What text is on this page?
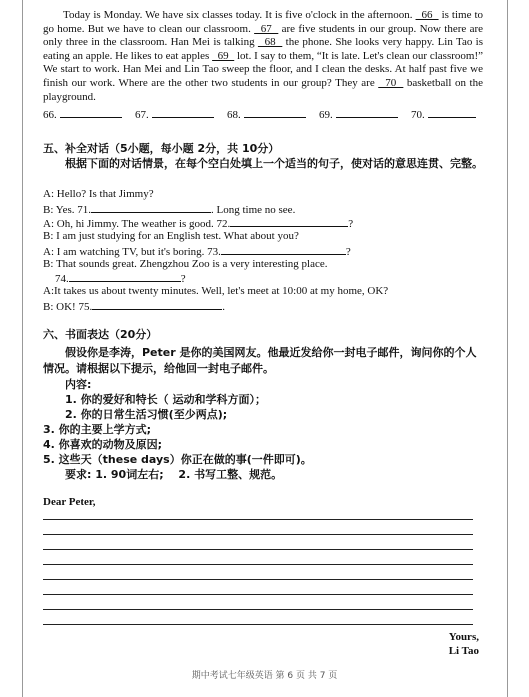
Today is Monday. We have six classes today. It is five o'clock in the afternoon.   66   is time to go home. But we have to clean our classroom.   67   are five students in our group. Now there are only three in the classroom. Han Mei is talking   68   the phone. She looks very happy. Lin Tao is eating an apple. He likes to eat apples   69   lot. I say to them, “It is late. Let's clean our classroom!” We start to work. Han Mei and Lin Tao sweep the floor, and I clean the desks. At half past five we finish our work. Where are the other two students in our group? They are   70   basketball on the playground.
66.	67.	68.	69.	70.
五、补全对话（5小题，每小题 2分，共 10分）
根据下面的对话情景，在每个空白处填上一个适当的句子，使对话的意思连贯、完整。
A: Hello? Is that Jimmy?
B: Yes. 71.	. Long time no see.
A: Oh, hi Jimmy. The weather is good. 72.	?
B: I am just studying for an English test. What about you?
A: I am watching TV, but it's boring. 73.	?
B: That sounds great. Zhengzhou Zoo is a very interesting place.
74.	?
A:It takes us about twenty minutes. Well, let's meet at 10:00 at my home, OK?
B: OK! 75.	.
六、书面表达（20分）
假设你是李涛，Peter 是你的美国网友。他最近发给你一封电子邮件，询问你的个人情况。请根据以下提示，给他回一封电子邮件。
内容:
1. 你的爱好和特长（ 运动和学科方面）；
2. 你的日常生活习惯(至少两点);
3. 你的主要上学方式;
4. 你喜欢的动物及原因;
5. 这些天（these days）你正在做的事(一件即可)。
要求: 1. 90词左右;　 2. 书写工整、规范。
Dear Peter,
Yours,
Li Tao
期中考试七年级英语 第 6 页 共 7 页
